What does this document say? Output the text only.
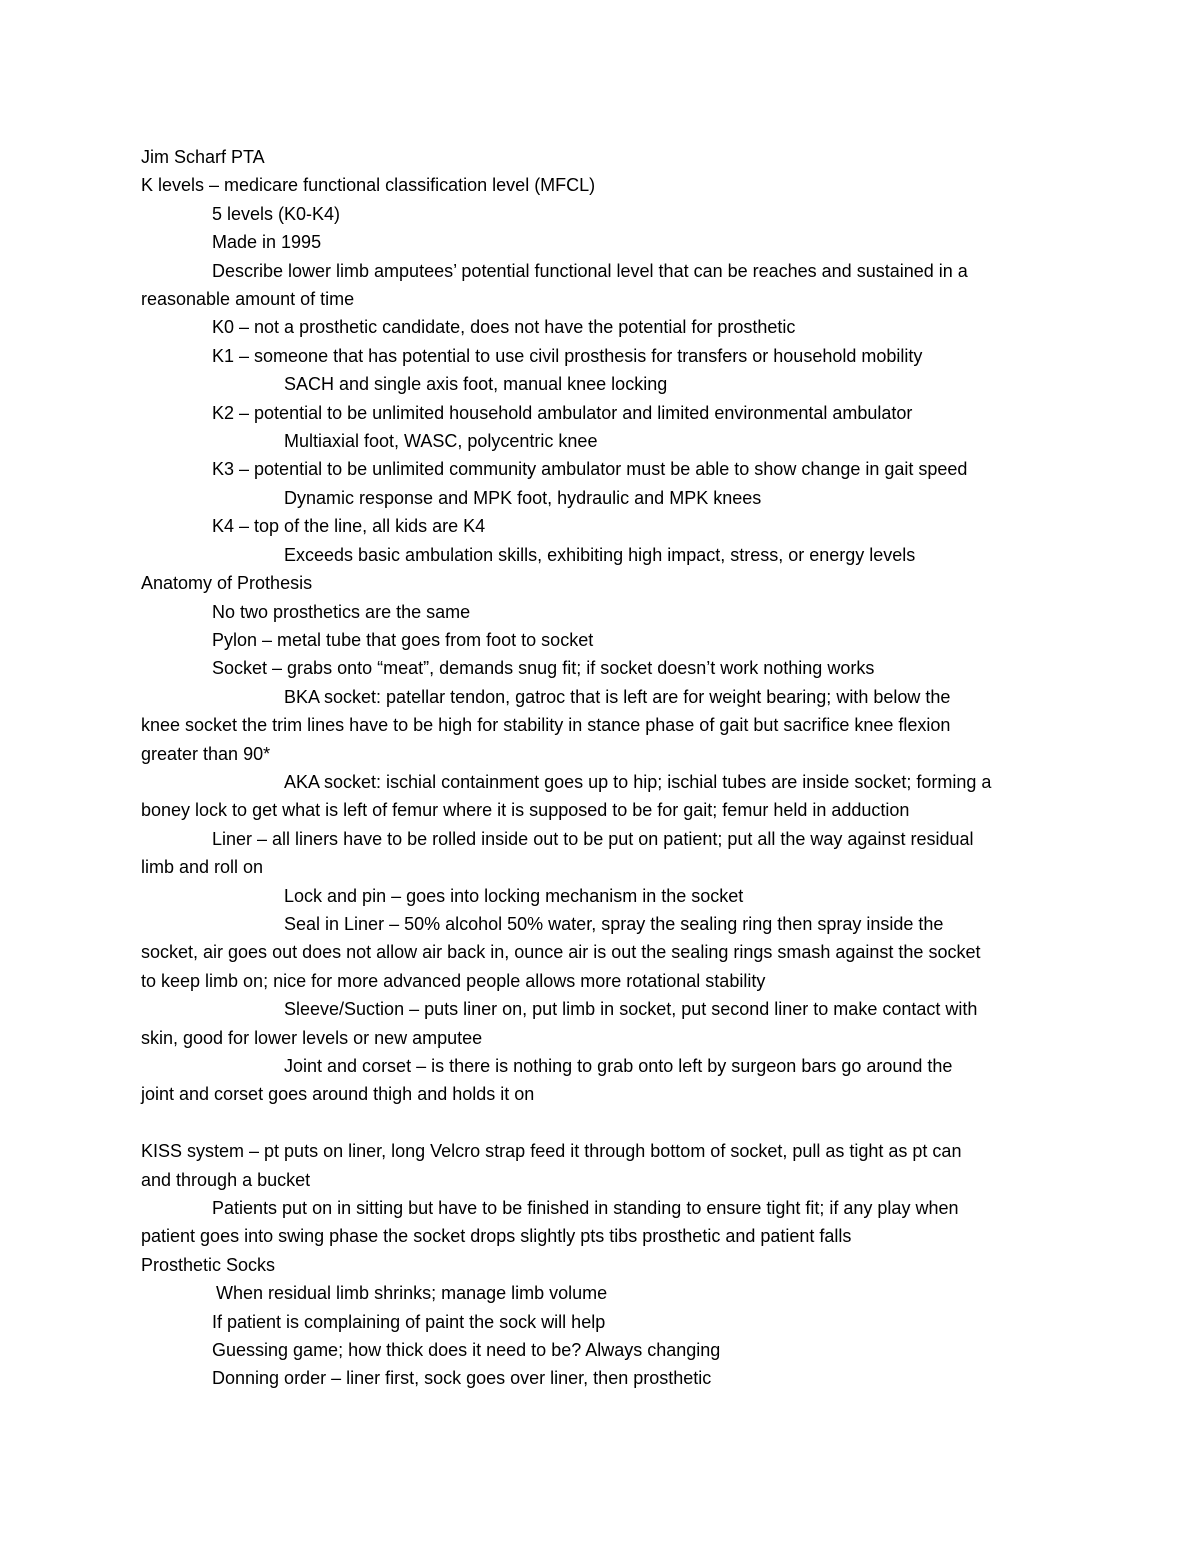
Jim Scharf PTA

K levels – medicare functional classification level (MFCL)

5 levels (K0-K4)

Made in 1995

Describe lower limb amputees’ potential functional level that can be reaches and sustained in a

reasonable amount of time

K0 – not a prosthetic candidate, does not have the potential for prosthetic

K1 – someone that has potential to use civil prosthesis for transfers or household mobility

SACH and single axis foot, manual knee locking

K2 – potential to be unlimited household ambulator and limited environmental ambulator

Multiaxial foot, WASC, polycentric knee

K3 – potential to be unlimited community ambulator must be able to show change in gait speed

Dynamic response and MPK foot, hydraulic and MPK knees

K4 – top of the line, all kids are K4

Exceeds basic ambulation skills, exhibiting high impact, stress, or energy levels

Anatomy of Prothesis

No two prosthetics are the same

Pylon – metal tube that goes from foot to socket

Socket – grabs onto “meat”, demands snug fit; if socket doesn’t work nothing works

BKA socket: patellar tendon, gatroc that is left are for weight bearing; with below the

knee socket the trim lines have to be high for stability in stance phase of gait but sacrifice knee flexion

greater than 90*

AKA socket: ischial containment goes up to hip; ischial tubes are inside socket; forming a

boney lock to get what is left of femur where it is supposed to be for gait; femur held in adduction

Liner – all liners have to be rolled inside out to be put on patient; put all the way against residual

limb and roll on

Lock and pin – goes into locking mechanism in the socket

Seal in Liner – 50% alcohol 50% water, spray the sealing ring then spray inside the

socket, air goes out does not allow air back in, ounce air is out the sealing rings smash against the socket

to keep limb on; nice for more advanced people allows more rotational stability

Sleeve/Suction – puts liner on, put limb in socket, put second liner to make contact with

skin, good for lower levels or new amputee

Joint and corset – is there is nothing to grab onto left by surgeon bars go around the

joint and corset goes around thigh and holds it on

KISS system – pt puts on liner, long Velcro strap feed it through bottom of socket, pull as tight as pt can

and through a bucket

Patients put on in sitting but have to be finished in standing to ensure tight fit; if any play when

patient goes into swing phase the socket drops slightly pts tibs prosthetic and patient falls

Prosthetic Socks

When residual limb shrinks; manage limb volume

If patient is complaining of paint the sock will help

Guessing game; how thick does it need to be? Always changing

Donning order – liner first, sock goes over liner, then prosthetic
